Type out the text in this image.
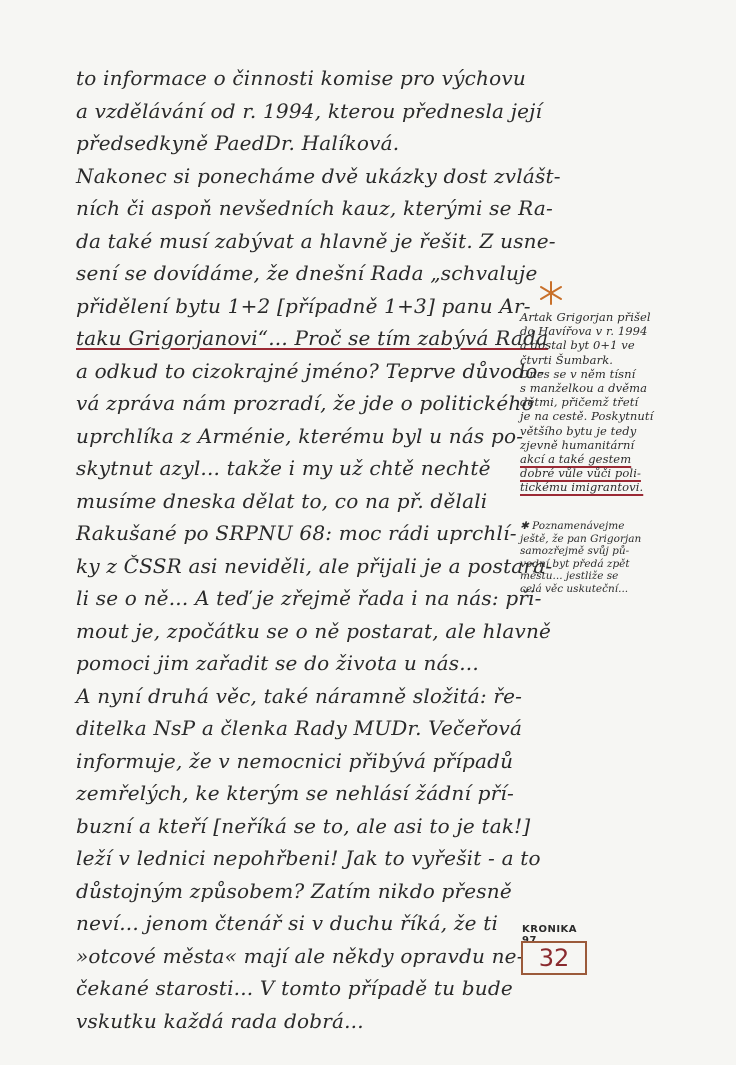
to informace o činnosti komise pro výchovu
a vzdělávání od r. 1994, kterou přednesla její
předsedkyně PaedDr. Halíková.
Nakonec si ponecháme dvě ukázky dost zvlášt-
ních či aspoň nevšedních kauz, kterými se Ra-
da také musí zabývat a hlavně je řešit. Z usne-
sení se dovídáme, že dnešní Rada „schvaluje
přidělení bytu 1+2 [případně 1+3] panu Ar-
taku Grigorjanovi“... Proč se tím zabývá Rada
a odkud to cizokrajné jméno? Teprve důvodo-
vá zpráva nám prozradí, že jde o politického
uprchlíka z Arménie, kterému byl u nás po-
skytnut azyl... takže i my už chtě nechtě
musíme dneska dělat to, co na př. dělali
Rakušané po SRPNU 68: moc rádi uprchlí-
ky z ČSSR asi neviděli, ale přijali je a postara-
li se o ně... A teď je zřejmě řada i na nás: při-
mout je, zpočátku se o ně postarat, ale hlavně
pomoci jim zařadit se do života u nás...
A nyní druhá věc, také náramně složitá: ře-
ditelka NsP a členka Rady MUDr. Večeřová
informuje, že v nemocnici přibývá případů
zemřelých, ke kterým se nehlásí žádní pří-
buzní a kteří [neříká se to, ale asi to je tak!]
leží v lednici nepohřbeni! Jak to vyřešit - a to
důstojným způsobem? Zatím nikdo přesně
neví... jenom čtenář si v duchu říká, že ti
»otcové města« mají ale někdy opravdu ne-
čekané starosti... V tomto případě tu bude
vskutku každá rada dobrá...
Artak Grigorjan přišel
do Havířova v r. 1994
a dostal byt 0+1 ve
čtvrti Šumbark.
Dnes se v něm tísní
s manželkou a dvěma
dětmi, přičemž třetí
je na cestě. Poskytnutí
většího bytu je tedy
zjevně humanitární
akcí a také gestem
dobré vůle vůči poli-
tickému imigrantovi.
✱ Poznamenávejme
ještě, že pan Grigorjan
samozřejmě svůj pů-
vodní byt předá zpět
městu... jestliže se
celá věc uskuteční...
KRONIKA 97
32
